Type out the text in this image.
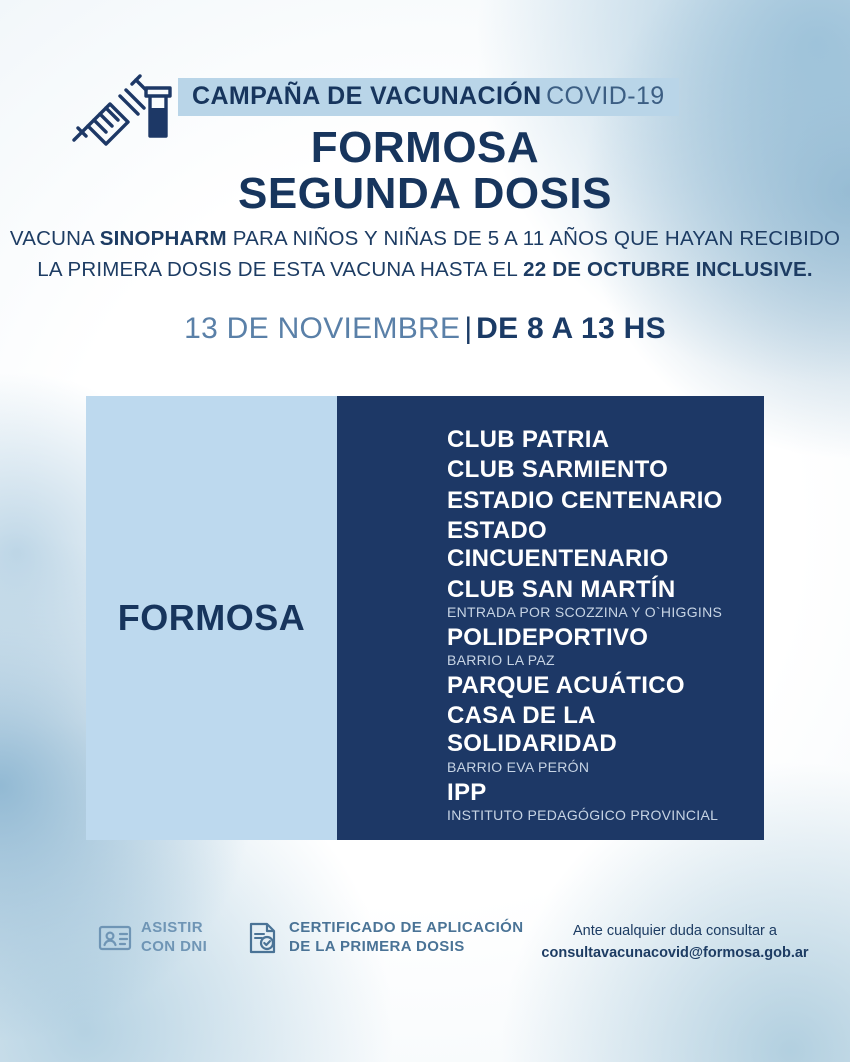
CAMPAÑA DE VACUNACIÓN COVID-19
FORMOSA
SEGUNDA DOSIS
VACUNA SINOPHARM PARA NIÑOS Y NIÑAS DE 5 A 11 AÑOS QUE HAYAN RECIBIDO LA PRIMERA DOSIS DE ESTA VACUNA HASTA EL 22 DE OCTUBRE INCLUSIVE.
13 DE NOVIEMBRE | DE 8 A 13 HS
FORMOSA
CLUB PATRIA
CLUB SARMIENTO
ESTADIO CENTENARIO
ESTADO CINCUENTENARIO
CLUB SAN MARTÍN
ENTRADA POR SCOZZINA Y O`HIGGINS
POLIDEPORTIVO
BARRIO LA PAZ
PARQUE ACUÁTICO
CASA DE LA SOLIDARIDAD
BARRIO EVA PERÓN
IPP
INSTITUTO PEDAGÓGICO PROVINCIAL
ASISTIR
CON DNI
CERTIFICADO DE APLICACIÓN
DE LA PRIMERA DOSIS
Ante cualquier duda consultar a
consultavacunacovid@formosa.gob.ar
